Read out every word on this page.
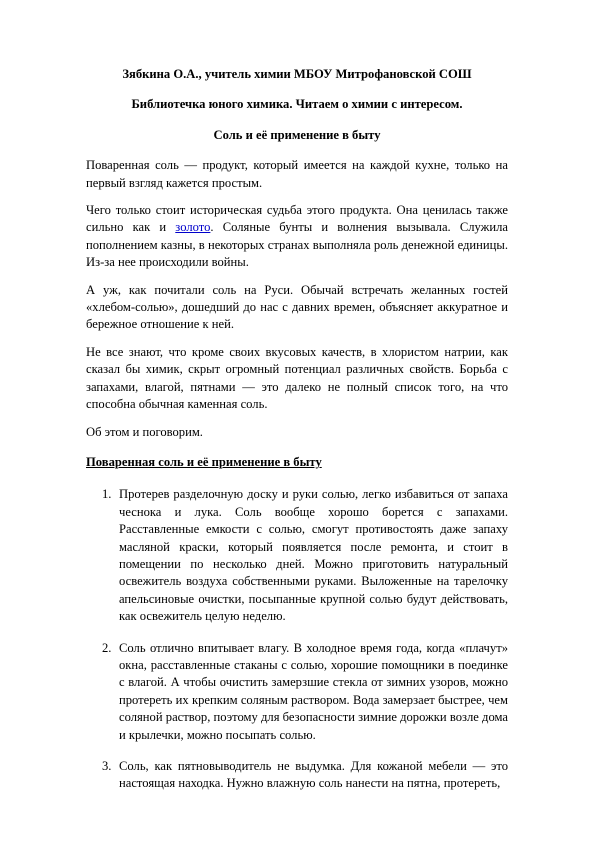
Зябкина О.А., учитель химии МБОУ Митрофановской СОШ

Библиотечка юного химика. Читаем о химии с интересом.

Соль и её применение в быту

Поваренная соль — продукт, который имеется на каждой кухне, только на первый взгляд кажется простым.

Чего только стоит историческая судьба этого продукта. Она ценилась также сильно как и золото. Соляные бунты и волнения вызывала. Служила пополнением казны, в некоторых странах выполняла роль денежной единицы. Из-за нее происходили войны.

А уж, как почитали соль на Руси. Обычай встречать желанных гостей «хлебом-солью», дошедший до нас с давних времен, объясняет аккуратное и бережное отношение к ней.

Не все знают, что кроме своих вкусовых качеств, в хлористом натрии, как сказал бы химик, скрыт огромный потенциал различных свойств. Борьба с запахами, влагой, пятнами — это далеко не полный список того, на что способна обычная каменная соль.

Об этом и поговорим.

Поваренная соль и её применение в быту

1. Протерев разделочную доску и руки солью, легко избавиться от запаха чеснока и лука. Соль вообще хорошо борется с запахами. Расставленные емкости с солью, смогут противостоять даже запаху масляной краски, который появляется после ремонта, и стоит в помещении по несколько дней. Можно приготовить натуральный освежитель воздуха собственными руками. Выложенные на тарелочку апельсиновые очистки, посыпанные крупной солью будут действовать, как освежитель целую неделю.
2. Соль отлично впитывает влагу. В холодное время года, когда «плачут» окна, расставленные стаканы с солью, хорошие помощники в поединке с влагой. А чтобы очистить замерзшие стекла от зимних узоров, можно протереть их крепким соляным раствором. Вода замерзает быстрее, чем соляной раствор, поэтому для безопасности зимние дорожки возле дома и крылечки, можно посыпать солью.
3. Соль, как пятновыводитель не выдумка. Для кожаной мебели — это настоящая находка. Нужно влажную соль нанести на пятна, протереть,
